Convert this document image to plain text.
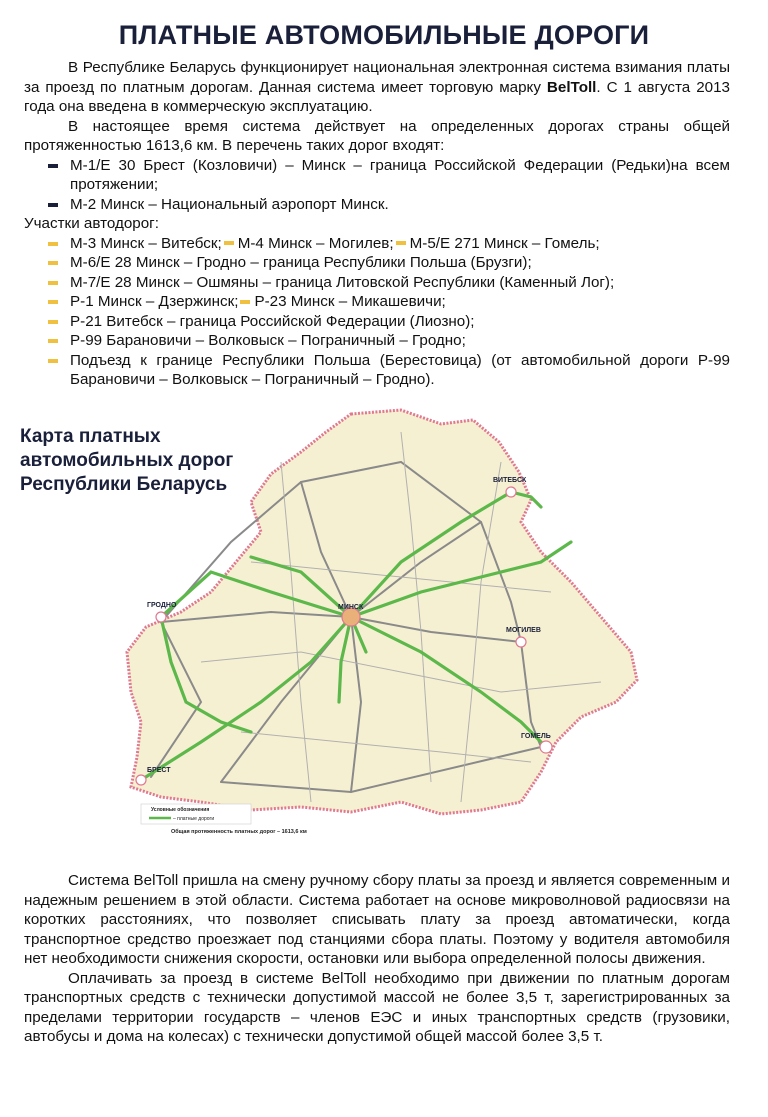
ПЛАТНЫЕ АВТОМОБИЛЬНЫЕ ДОРОГИ

В Республике Беларусь функционирует национальная электронная система взимания платы за проезд по платным дорогам. Данная система имеет торговую марку BelToll. С 1 августа 2013 года она введена в коммерческую эксплуатацию.

В настоящее время система действует на определенных дорогах страны общей протяженностью 1613,6 км. В перечень таких дорог входят:

М-1/Е 30 Брест (Козловичи) – Минск – граница Российской Федерации (Редьки)на всем протяжении;
М-2 Минск – Национальный аэропорт Минск.

Участки автодорог:

М-3 Минск – Витебск; М-4 Минск – Могилев; М-5/Е 271 Минск – Гомель;
М-6/Е 28 Минск – Гродно – граница Республики Польша (Брузги);
М-7/Е 28 Минск – Ошмяны – граница Литовской Республики (Каменный Лог);
Р-1 Минск – Дзержинск; Р-23 Минск – Микашевичи;
Р-21 Витебск – граница Российской Федерации (Лиозно);
Р-99 Барановичи – Волковыск – Пограничный – Гродно;
Подъезд к границе Республики Польша (Берестовица) (от автомобильной дороги Р-99 Барановичи – Волковыск – Пограничный – Гродно).
МИНСК
ВИТЕБСК
МОГИЛЕВ
ГОМЕЛЬ
ГРОДНО
БРЕСТ
Условные обозначения
– платные дороги
Общая протяженность платных дорог – 1613,6 км
Карта платных
автомобильных дорог
Республики Беларусь

Система BelToll пришла на смену ручному сбору платы за проезд и является современным и надежным решением в этой области. Система работает на основе микроволновой радиосвязи на коротких расстояниях, что позволяет списывать плату за проезд автоматически, когда транспортное средство проезжает под станциями сбора платы. Поэтому у водителя автомобиля нет необходимости снижения скорости, остановки или выбора определенной полосы движения.

Оплачивать за проезд в системе BelToll необходимо при движении по платным дорогам транспортных средств с технически допустимой массой не более 3,5 т, зарегистрированных за пределами территории государств – членов ЕЭС и иных транспортных средств (грузовики, автобусы и дома на колесах) с технически допустимой общей массой более 3,5 т.
